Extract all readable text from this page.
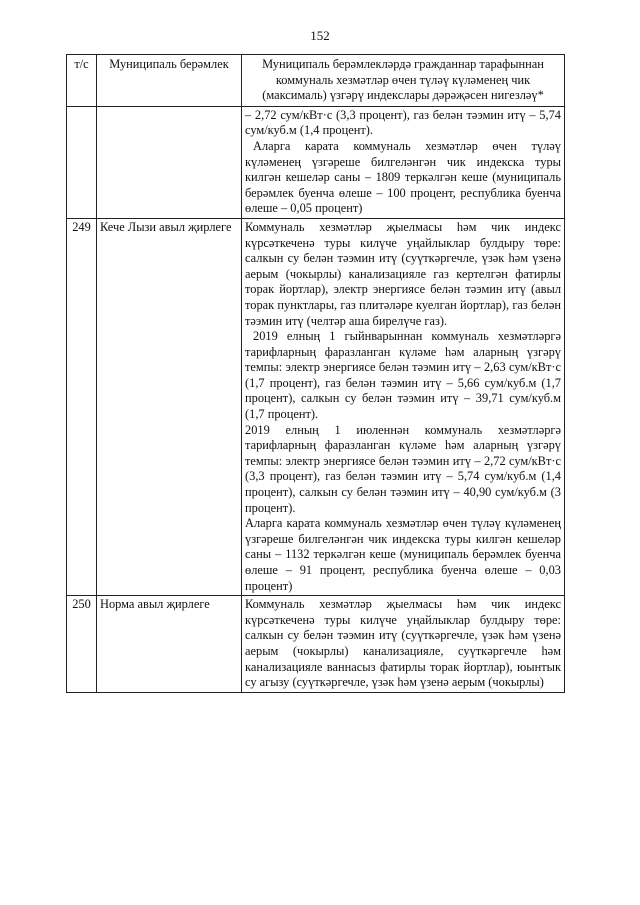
152
т/с	Муниципаль берәмлек	Муниципаль берәмлекләрдә гражданнар тарафыннан коммуналь хезмәтләр өчен түләү күләменең чик (максималь) үзгәрү индекслары дәрәҗәсен нигезләү*

		– 2,72 сум/кВт·с (3,3 процент), газ белән тәэмин итү – 5,74 сум/куб.м (1,4 процент).

Аларга карата коммуналь хезмәтләр өчен түләү күләменең үзгәреше билгеләнгән чик индекска туры килгән кешеләр саны – 1809 теркәлгән кеше (муниципаль берәмлек буенча өлеше – 100 процент, республика буенча өлеше – 0,05 процент)

249	Кече Лызи авыл җирлеге	Коммуналь хезмәтләр җыелмасы һәм чик индекс күрсәткеченә туры килүче уңайлыклар булдыру төре: салкын су белән тәэмин итү (суүткәргечле, үзәк һәм үзенә аерым (чокырлы) канализацияле газ кертелгән фатирлы торак йортлар), электр энергиясе белән тәэмин итү (авыл торак пунктлары, газ плитәләре куелган йортлар), газ белән тәэмин итү (челтәр аша бирелүче газ).

2019 елның 1 гыйнварыннан коммуналь хезмәтләргә тарифларның фаразланган күләме һәм аларның үзгәрү темпы: электр энергиясе белән тәэмин итү – 2,63 сум/кВт·с (1,7 процент), газ белән тәэмин итү – 5,66 сум/куб.м (1,7 процент), салкын су белән тәэмин итү – 39,71 сум/куб.м (1,7 процент).

2019 елның 1 июленнән коммуналь хезмәтләргә тарифларның фаразланган күләме һәм аларның үзгәрү темпы: электр энергиясе белән тәэмин итү – 2,72 сум/кВт·с (3,3 процент), газ белән тәэмин итү – 5,74 сум/куб.м (1,4 процент), салкын су белән тәэмин итү – 40,90 сум/куб.м (3 процент).

Аларга карата коммуналь хезмәтләр өчен түләү күләменең үзгәреше билгеләнгән чик индекска туры килгән кешеләр саны – 1132 теркәлгән кеше (муниципаль берәмлек буенча өлеше – 91 процент, республика буенча өлеше – 0,03 процент)

250	Норма авыл җирлеге	Коммуналь хезмәтләр җыелмасы һәм чик индекс күрсәткеченә туры килүче уңайлыклар булдыру төре: салкын су белән тәэмин итү (суүткәргечле, үзәк һәм үзенә аерым (чокырлы) канализацияле, суүткәргечле һәм канализацияле ваннасыз фатирлы торак йортлар), юынтык су агызу (суүткәргечле, үзәк һәм үзенә аерым (чокырлы)
